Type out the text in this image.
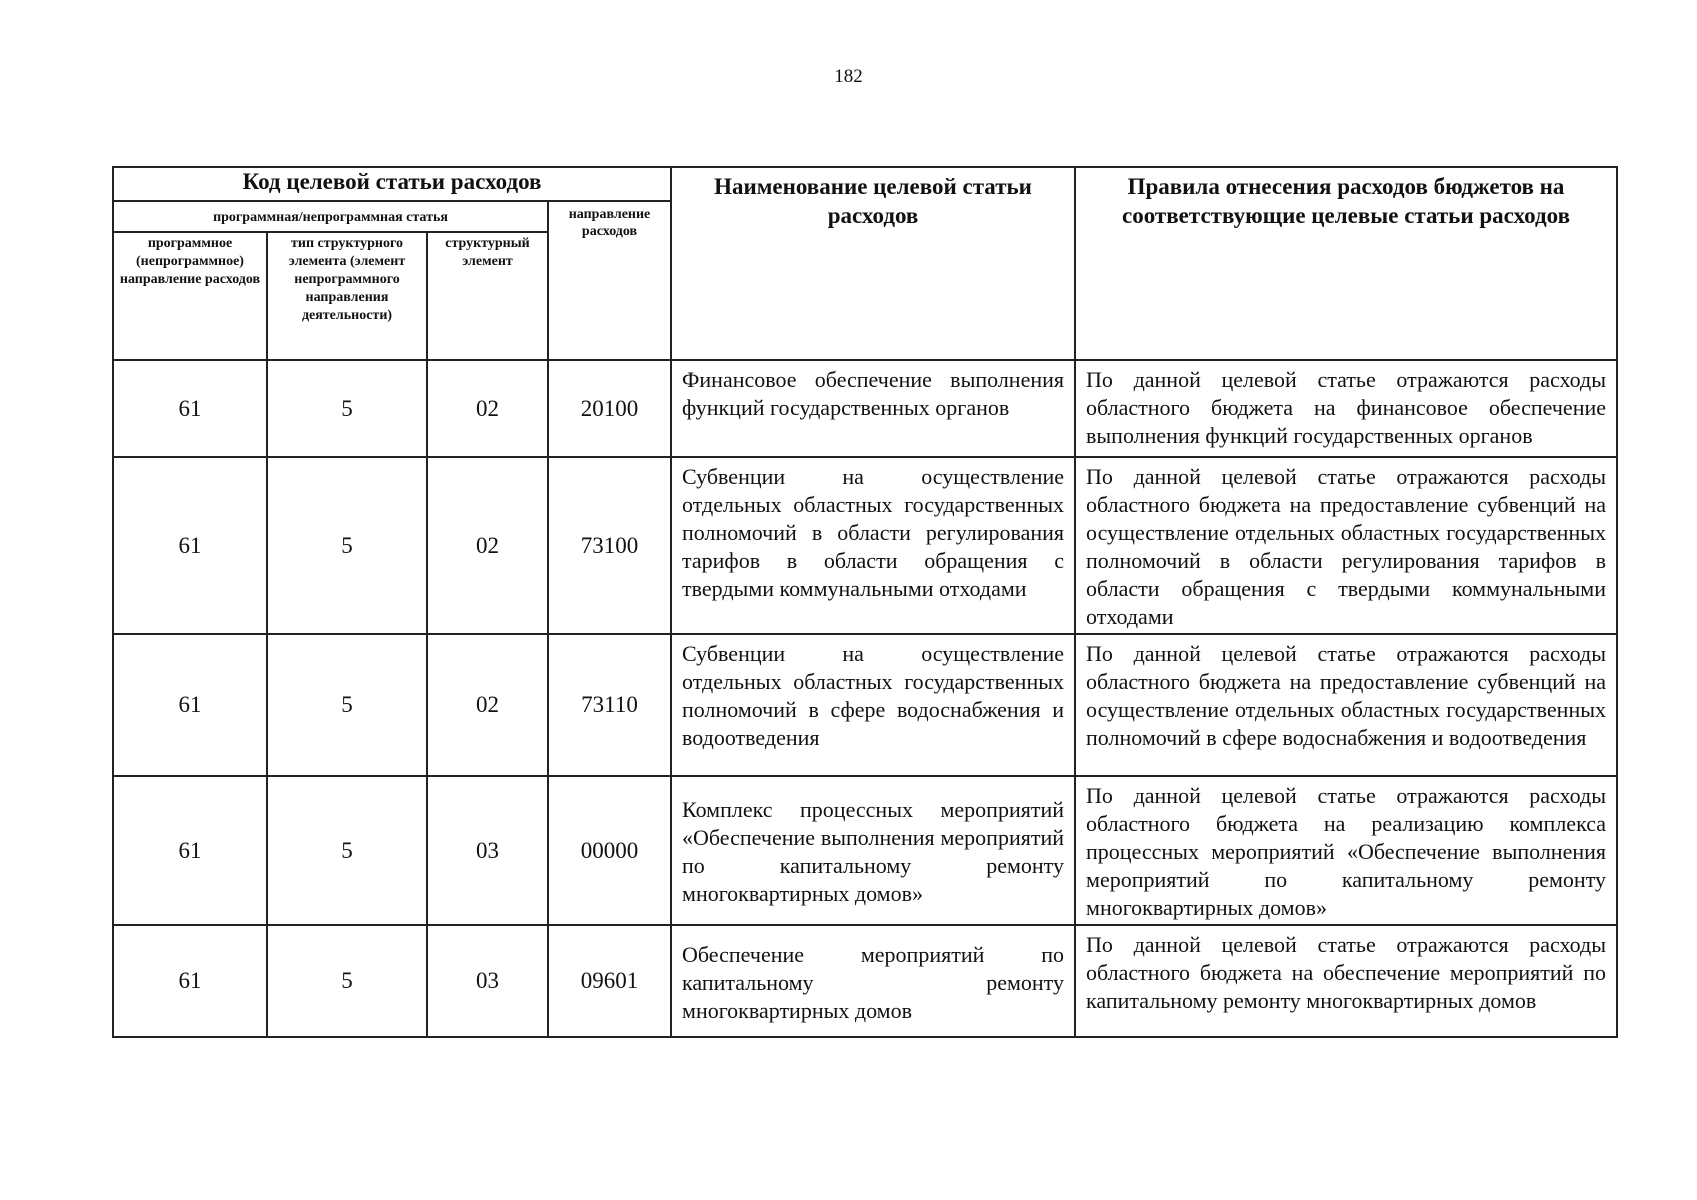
182
Код целевой статьи расходов				Наименование целевой статьи расходов	Правила отнесения расходов бюджетов на соответствующие целевые статьи расходов
программная/непрограммная статья			направление расходов		

программное (непрограммное) направление расходов	тип структурного элемента (элемент непрограммного направления деятельности)	структурный элемент			
61	5	02	20100	Финансовое обеспечение выполнения функций государственных органов	По данной целевой статье отражаются расходы областного бюджета на финансовое обеспечение выполнения функций государственных органов
61	5	02	73100	Субвенции на осуществление отдельных областных государственных полномочий в области регулирования тарифов в области обращения с твердыми коммунальными отходами	По данной целевой статье отражаются расходы областного бюджета на предоставление субвенций на осуществление отдельных областных государственных полномочий в области регулирования тарифов в области обращения с твердыми коммунальными отходами
61	5	02	73110	Субвенции на осуществление отдельных областных государственных полномочий в сфере водоснабжения и водоотведения	По данной целевой статье отражаются расходы областного бюджета на предоставление субвенций на осуществление отдельных областных государственных полномочий в сфере водоснабжения и водоотведения
61	5	03	00000	Комплекс процессных мероприятий «Обеспечение выполнения мероприятий по капитальному ремонту многоквартирных домов»	По данной целевой статье отражаются расходы областного бюджета на реализацию комплекса процессных мероприятий «Обеспечение выполнения мероприятий по капитальному ремонту многоквартирных домов»
61	5	03	09601	Обеспечение мероприятий по капитальному ремонту многоквартирных домов	По данной целевой статье отражаются расходы областного бюджета на обеспечение мероприятий по капитальному ремонту многоквартирных домов
